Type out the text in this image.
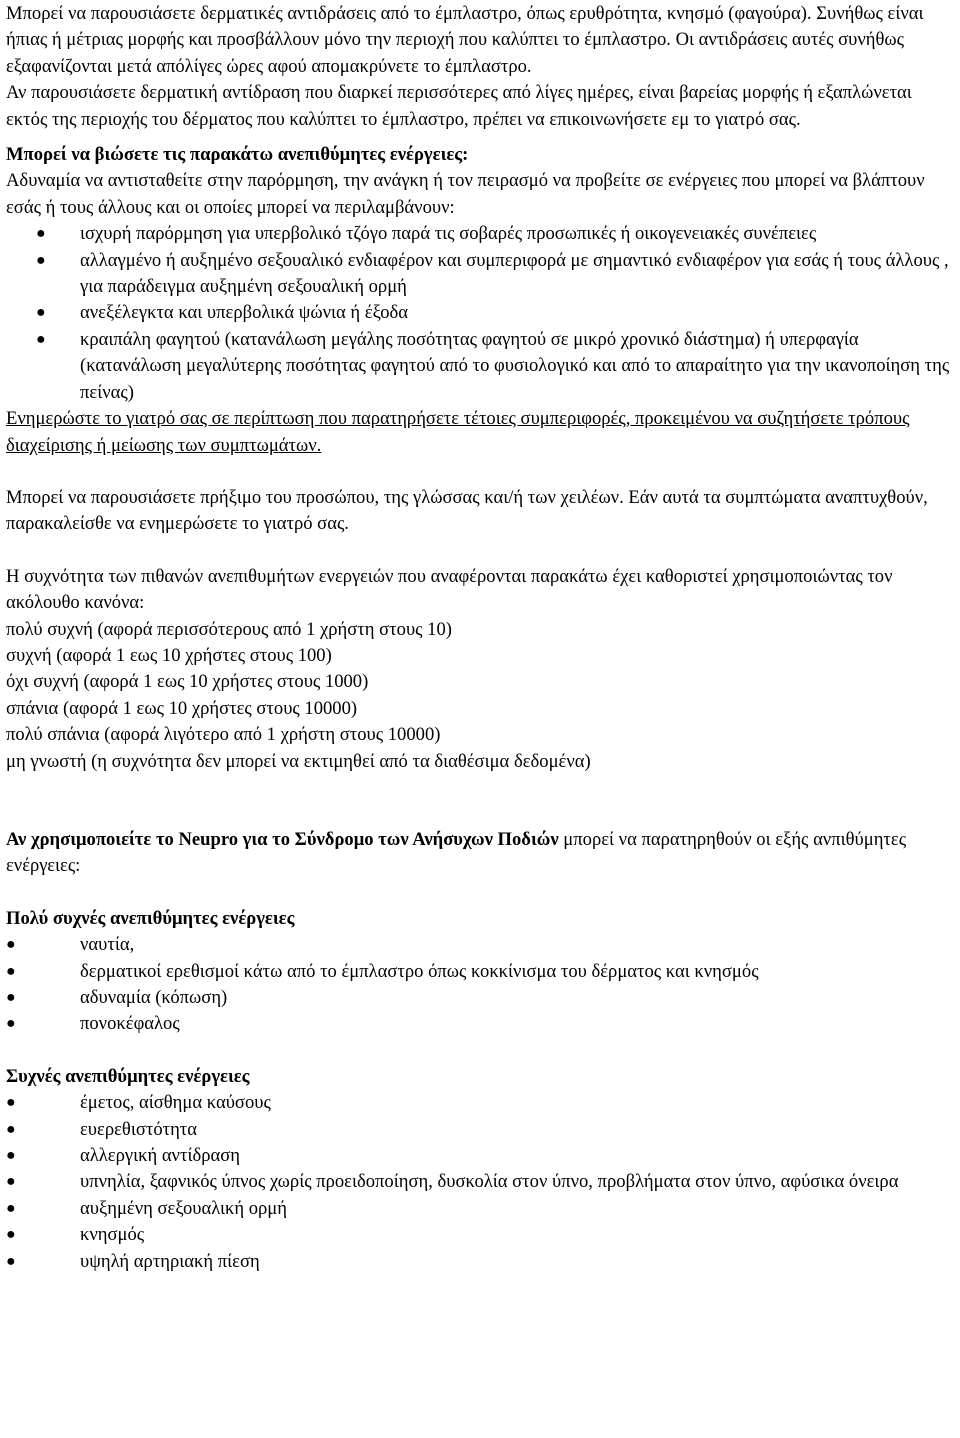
Μπορεί να παρουσιάσετε δερματικές αντιδράσεις από το έμπλαστρο, όπως ερυθρότητα, κνησμό (φαγούρα). Συνήθως είναι ήπιας ή μέτριας μορφής και προσβάλλουν μόνο την περιοχή που καλύπτει το έμπλαστρο. Οι αντιδράσεις αυτές συνήθως εξαφανίζονται μετά απόλίγες ώρες αφού απομακρύνετε το έμπλαστρο.

Αν παρουσιάσετε δερματική αντίδραση που διαρκεί περισσότερες από λίγες ημέρες, είναι βαρείας μορφής ή εξαπλώνεται εκτός της περιοχής του δέρματος που καλύπτει το έμπλαστρο, πρέπει να επικοινωνήσετε εμ το γιατρό σας.

Μπορεί να βιώσετε τις παρακάτω ανεπιθύμητες ενέργειες:

Αδυναμία να αντισταθείτε στην παρόρμηση, την ανάγκη ή τον πειρασμό να προβείτε σε ενέργειες που μπορεί να βλάπτουν εσάς ή τους άλλους και οι οποίες μπορεί να περιλαμβάνουν:

● ισχυρή παρόρμηση για υπερβολικό τζόγο παρά τις σοβαρές προσωπικές ή οικογενειακές συνέπειες
● αλλαγμένο ή αυξημένο σεξουαλικό ενδιαφέρον και συμπεριφορά με σημαντικό ενδιαφέρον για εσάς ή τους άλλους , για παράδειγμα αυξημένη σεξουαλική ορμή
● ανεξέλεγκτα και υπερβολικά ψώνια ή έξοδα
● κραιπάλη φαγητού (κατανάλωση μεγάλης ποσότητας φαγητού σε μικρό χρονικό διάστημα) ή υπερφαγία (κατανάλωση μεγαλύτερης ποσότητας φαγητού από το φυσιολογικό και από το απαραίτητο για την ικανοποίηση της πείνας)

Ενημερώστε το γιατρό σας σε περίπτωση που παρατηρήσετε τέτοιες συμπεριφορές, προκειμένου να συζητήσετε τρόπους διαχείρισης ή μείωσης των συμπτωμάτων.

Μπορεί να παρουσιάσετε πρήξιμο του προσώπου, της γλώσσας και/ή των χειλέων. Εάν αυτά τα συμπτώματα αναπτυχθούν, παρακαλείσθε να ενημερώσετε το γιατρό σας.

Η συχνότητα των πιθανών ανεπιθυμήτων ενεργειών που αναφέρονται παρακάτω έχει καθοριστεί χρησιμοποιώντας τον ακόλουθο κανόνα:

πολύ συχνή (αφορά περισσότερους από 1 χρήστη στους 10)

συχνή (αφορά 1 εως 10 χρήστες στους 100)

όχι συχνή (αφορά 1 εως 10 χρήστες στους 1000)

σπάνια (αφορά 1 εως 10 χρήστες στους 10000)

πολύ σπάνια (αφορά λιγότερο από 1 χρήστη στους 10000)

μη γνωστή (η συχνότητα δεν μπορεί να εκτιμηθεί από τα διαθέσιμα δεδομένα)

Αν χρησιμοποιείτε το Neupro για το Σύνδρομο των Ανήσυχων Ποδιών μπορεί να παρατηρηθούν οι εξής ανπιθύμητες ενέργειες:

Πολύ συχνές ανεπιθύμητες ενέργειες

●	ναυτία,
●	δερματικοί ερεθισμοί κάτω από το έμπλαστρο όπως κοκκίνισμα του δέρματος και κνησμός
●	αδυναμία (κόπωση)
●	πονοκέφαλος

Συχνές ανεπιθύμητες ενέργειες

●	έμετος, αίσθημα καύσους
●	ευερεθιστότητα
●	αλλεργική αντίδραση
●	υπνηλία, ξαφνικός ύπνος χωρίς προειδοποίηση, δυσκολία στον ύπνο, προβλήματα στον ύπνο, αφύσικα όνειρα
●	αυξημένη σεξουαλική ορμή
●	κνησμός
●	υψηλή αρτηριακή πίεση
